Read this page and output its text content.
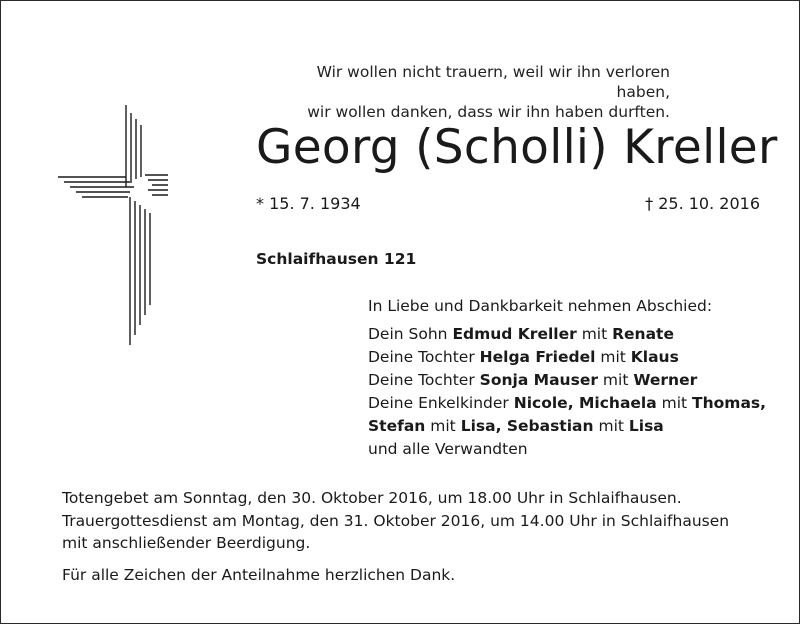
Wir wollen nicht trauern, weil wir ihn verloren haben,
wir wollen danken, dass wir ihn haben durften.
Georg (Scholli) Kreller
* 15. 7. 1934	† 25. 10. 2016
Schlaifhausen 121
In Liebe und Dankbarkeit nehmen Abschied:
Dein Sohn Edmud Kreller mit Renate
Deine Tochter Helga Friedel mit Klaus
Deine Tochter Sonja Mauser mit Werner
Deine Enkelkinder Nicole, Michaela mit Thomas,
Stefan mit Lisa, Sebastian mit Lisa
und alle Verwandten
Totengebet am Sonntag, den 30. Oktober 2016, um 18.00 Uhr in Schlaifhausen.
Trauergottesdienst am Montag, den 31. Oktober 2016, um 14.00 Uhr in Schlaifhausen
mit anschließender Beerdigung.
Für alle Zeichen der Anteilnahme herzlichen Dank.
